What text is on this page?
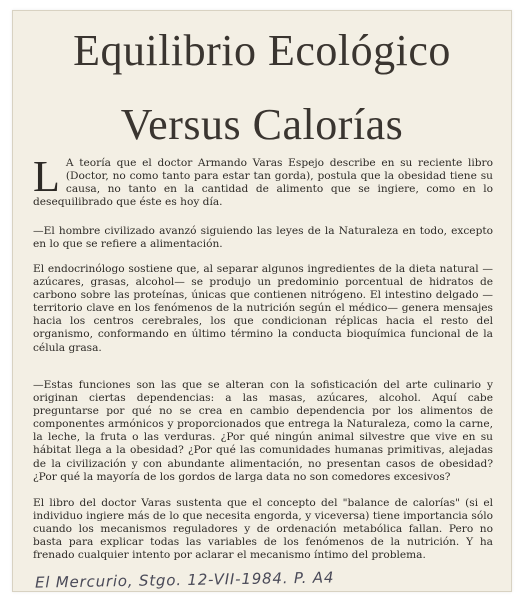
Equilibrio Ecológico
Versus Calorías

L A teoría que el doctor Armando Varas Espejo describe en su reciente libro (Doctor, no como tanto para estar tan gorda), postula que la obesidad tiene su causa, no tanto en la cantidad de alimento que se ingiere, como en lo desequilibrado que éste es hoy día.

—El hombre civilizado avanzó siguiendo las leyes de la Naturaleza en todo, excepto en lo que se refiere a alimentación.

El endocrinólogo sostiene que, al separar algunos ingredientes de la dieta natural —azúcares, grasas, alcohol— se produjo un predominio porcentual de hidratos de carbono sobre las proteínas, únicas que contienen nitrógeno. El intestino delgado —territorio clave en los fenómenos de la nutrición según el médico— genera mensajes hacia los centros cerebrales, los que condicionan réplicas hacia el resto del organismo, conformando en último término la conducta bioquímica funcional de la célula grasa.

—Estas funciones son las que se alteran con la sofisticación del arte culinario y originan ciertas dependencias: a las masas, azúcares, alcohol. Aquí cabe preguntarse por qué no se crea en cambio dependencia por los alimentos de componentes armónicos y proporcionados que entrega la Naturaleza, como la carne, la leche, la fruta o las verduras. ¿Por qué ningún animal silvestre que vive en su hábitat llega a la obesidad? ¿Por qué las comunidades humanas primitivas, alejadas de la civilización y con abundante alimentación, no presentan casos de obesidad? ¿Por qué la mayoría de los gordos de larga data no son comedores excesivos?

El libro del doctor Varas sustenta que el concepto del "balance de calorías" (si el individuo ingiere más de lo que necesita engorda, y viceversa) tiene importancia sólo cuando los mecanismos reguladores y de ordenación metabólica fallan. Pero no basta para explicar todas las variables de los fenómenos de la nutrición. Y ha frenado cualquier intento por aclarar el mecanismo íntimo del problema.

El Mercurio, Stgo. 12-VII-1984. P. A4
